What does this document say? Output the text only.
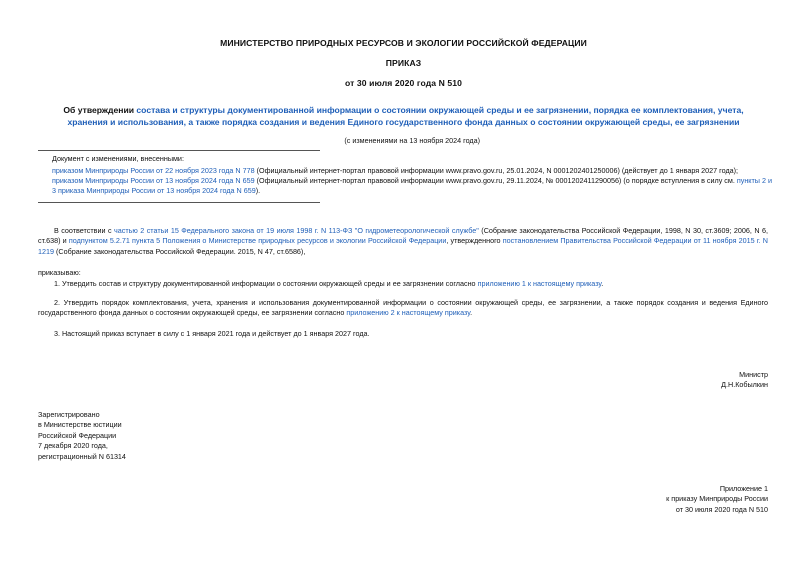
МИНИСТЕРСТВО ПРИРОДНЫХ РЕСУРСОВ И ЭКОЛОГИИ РОССИЙСКОЙ ФЕДЕРАЦИИ
ПРИКАЗ
от 30 июля 2020 года N 510
Об утверждении состава и структуры документированной информации о состоянии окружающей среды и ее загрязнении, порядка ее комплектования, учета, хранения и использования, а также порядка создания и ведения Единого государственного фонда данных о состоянии окружающей среды, ее загрязнении
(с изменениями на 13 ноября 2024 года)
Документ с изменениями, внесенными:
приказом Минприроды России от 22 ноября 2023 года N 778 (Официальный интернет-портал правовой информации www.pravo.gov.ru, 25.01.2024, N 0001202401250006) (действует до 1 января 2027 года);
приказом Минприроды России от 13 ноября 2024 года N 659 (Официальный интернет-портал правовой информации www.pravo.gov.ru, 29.11.2024, № 0001202411290056) (о порядке вступления в силу см. пункты 2 и 3 приказа Минприроды России от 13 ноября 2024 года N 659).
В соответствии с частью 2 статьи 15 Федерального закона от 19 июля 1998 г. N 113-ФЗ "О гидрометеорологической службе" (Собрание законодательства Российской Федерации, 1998, N 30, ст.3609; 2006, N 6, ст.638) и подпунктом 5.2.71 пункта 5 Положения о Министерстве природных ресурсов и экологии Российской Федерации, утвержденного постановлением Правительства Российской Федерации от 11 ноября 2015 г. N 1219 (Собрание законодательства Российской Федерации. 2015, N 47, ст.6586),
приказываю:
1. Утвердить состав и структуру документированной информации о состоянии окружающей среды и ее загрязнении согласно приложению 1 к настоящему приказу.
2. Утвердить порядок комплектования, учета, хранения и использования документированной информации о состоянии окружающей среды, ее загрязнении, а также порядок создания и ведения Единого государственного фонда данных о состоянии окружающей среды, ее загрязнении согласно приложению 2 к настоящему приказу.
3. Настоящий приказ вступает в силу с 1 января 2021 года и действует до 1 января 2027 года.
Министр
Д.Н.Кобылкин
Зарегистрировано
в Министерстве юстиции
Российской Федерации
7 декабря 2020 года,
регистрационный N 61314
Приложение 1
к приказу Минприроды России
от 30 июля 2020 года N 510
